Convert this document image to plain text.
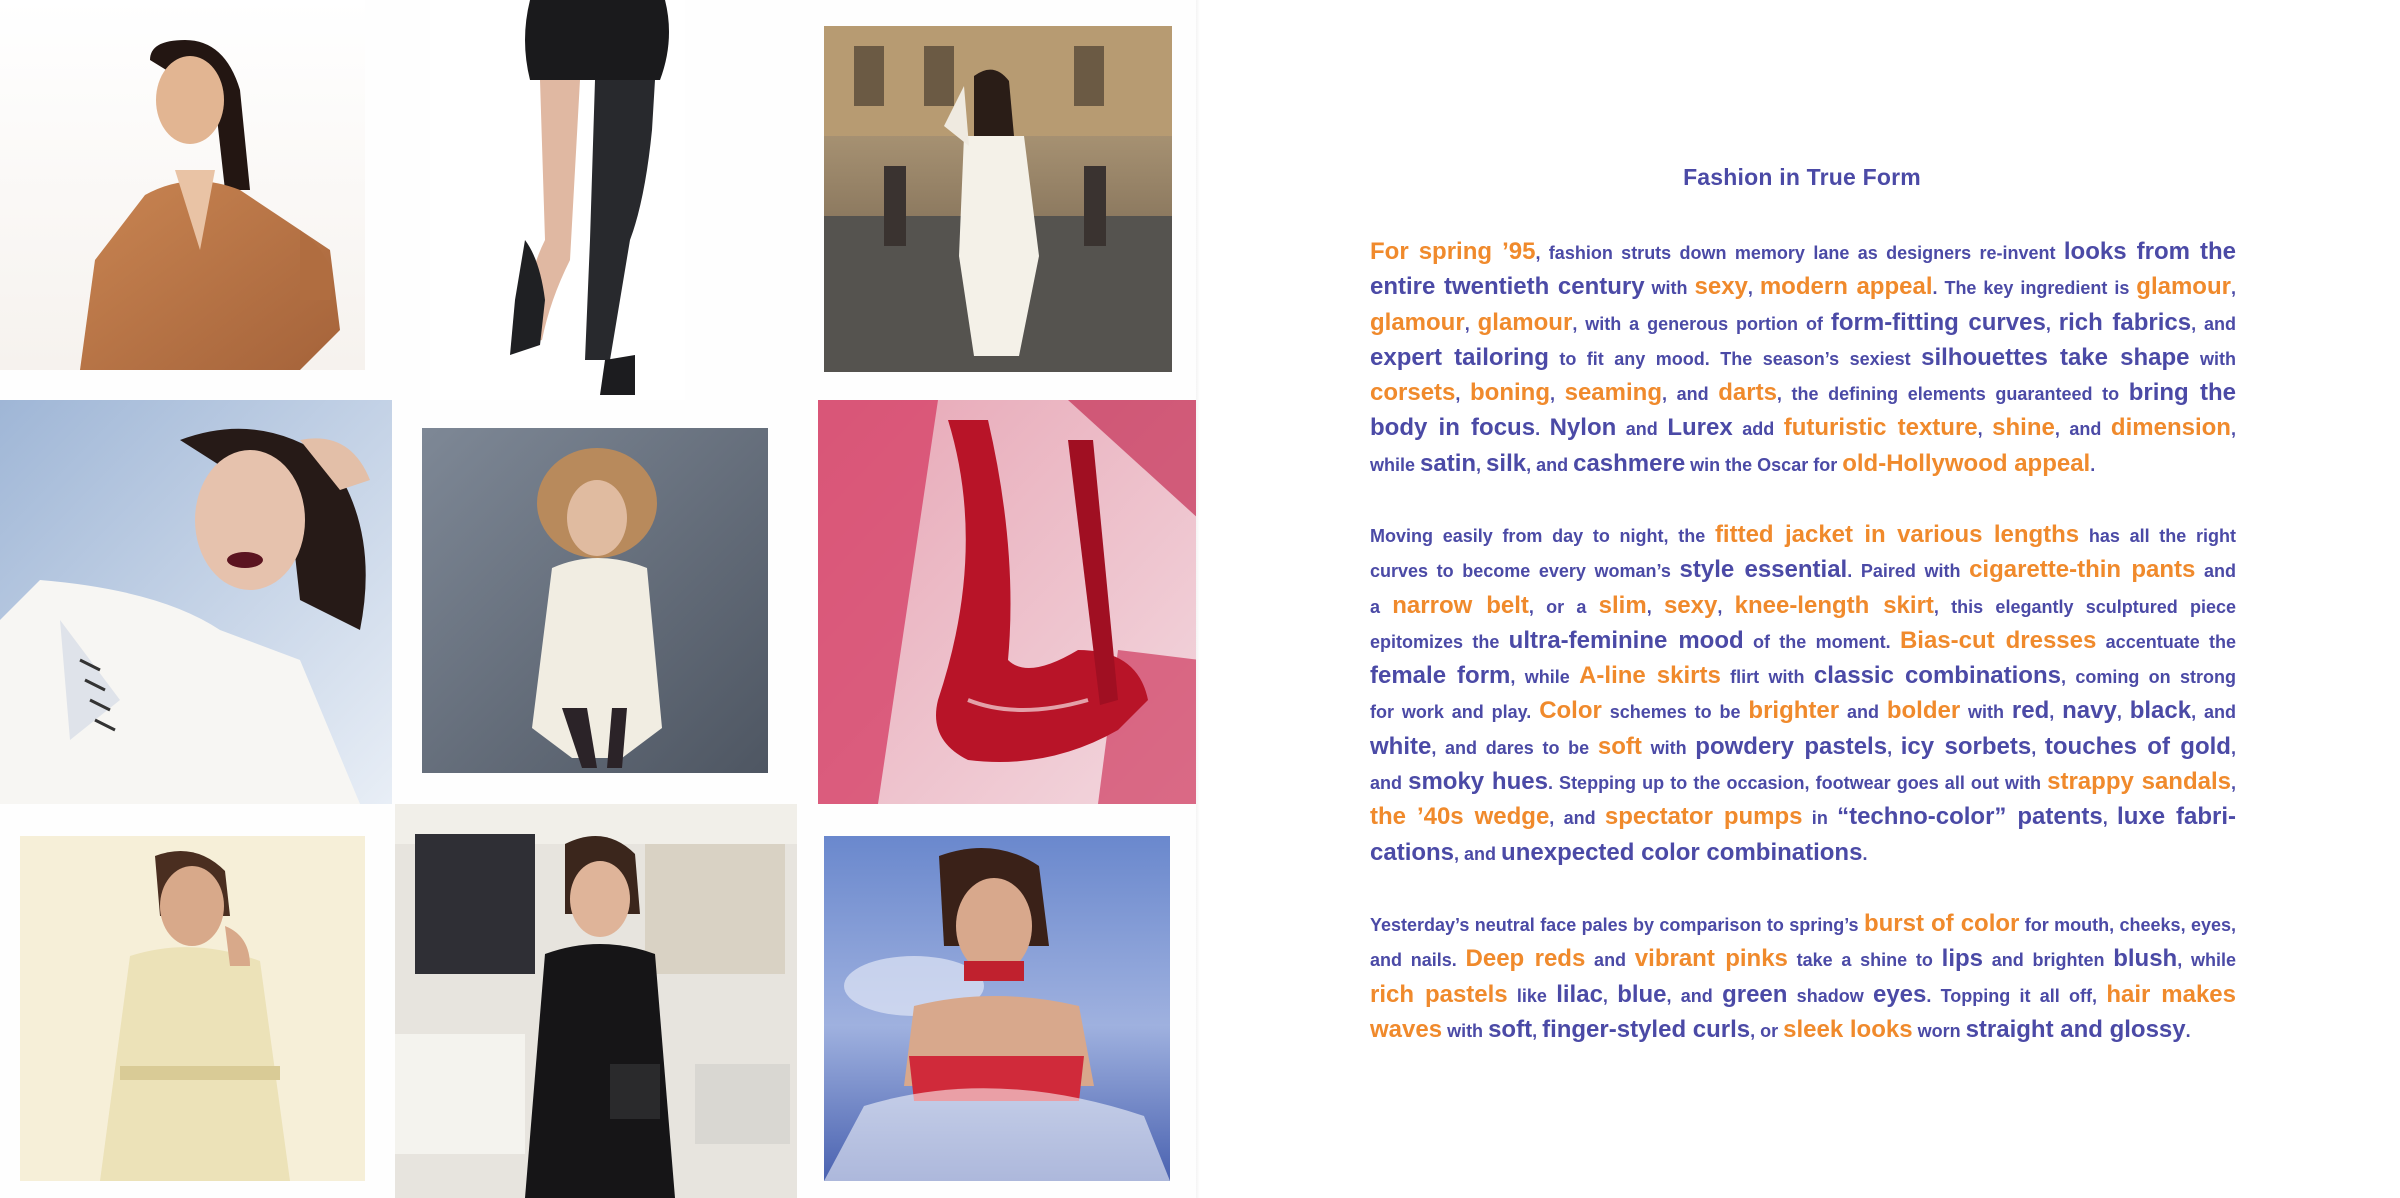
Fashion in True Form
For spring ’95, fashion struts down memory lane as designers re-invent looks from the
entire twentieth century with sexy, modern appeal. The key ingredient is glamour,
glamour, glamour, with a generous portion of form-fitting curves, rich fabrics, and
expert tailoring to fit any mood. The season’s sexiest silhouettes take shape with
corsets, boning, seaming, and darts, the defining elements guaranteed to bring the
body in focus. Nylon and Lurex add futuristic texture, shine, and dimension,
while satin, silk, and cashmere win the Oscar for old-Hollywood appeal.
Moving easily from day to night, the fitted jacket in various lengths has all the right
curves to become every woman’s style essential. Paired with cigarette-thin pants and
a narrow belt, or a slim, sexy, knee-length skirt, this elegantly sculptured piece
epitomizes the ultra-feminine mood of the moment. Bias-cut dresses accentuate the
female form, while A-line skirts flirt with classic combinations, coming on strong
for work and play. Color schemes to be brighter and bolder with red, navy, black, and
white, and dares to be soft with powdery pastels, icy sorbets, touches of gold,
and smoky hues. Stepping up to the occasion, footwear goes all out with strappy sandals,
the ’40s wedge, and spectator pumps in “techno-color” patents, luxe fabri-
cations, and unexpected color combinations.
Yesterday’s neutral face pales by comparison to spring’s burst of color for mouth, cheeks, eyes,
and nails. Deep reds and vibrant pinks take a shine to lips and brighten blush, while
rich pastels like lilac, blue, and green shadow eyes. Topping it all off, hair makes
waves with soft, finger-styled curls, or sleek looks worn straight and glossy.
